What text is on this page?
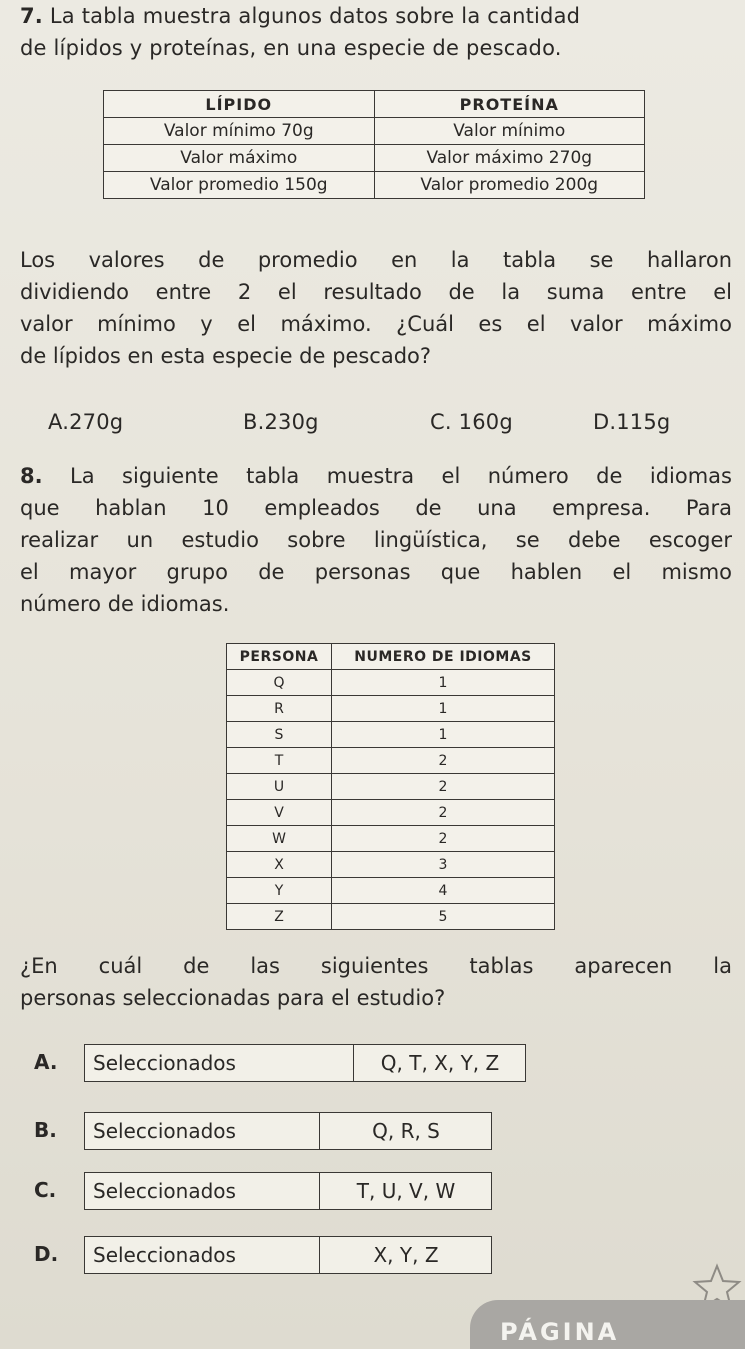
7. La tabla muestra algunos datos sobre la cantidad
de lípidos y proteínas, en una especie de pescado.
LÍPIDO	PROTEÍNA
Valor mínimo 70g	Valor mínimo
Valor máximo	Valor máximo 270g
Valor promedio 150g	Valor promedio 200g
Los valores de promedio en la tabla se hallaron
dividiendo entre 2 el resultado de la suma entre el
valor mínimo y el máximo. ¿Cuál es el valor máximo
de lípidos en esta especie de pescado?
A.270g	B.230g	C. 160g	D.115g
8. La siguiente tabla muestra el número de idiomas
que hablan 10 empleados de una empresa. Para
realizar un estudio sobre lingüística, se debe escoger
el mayor grupo de personas que hablen el mismo
número de idiomas.
PERSONA	NUMERO DE IDIOMAS
Q	1
R	1
S	1
T	2
U	2
V	2
W	2
X	3
Y	4
Z	5
¿En cuál de las siguientes tablas aparecen la
personas seleccionadas para el estudio?
A.	Seleccionados	Q, T, X, Y, Z
B.	Seleccionados	Q, R, S
C.	Seleccionados	T, U, V, W
D.	Seleccionados	X, Y, Z
PÁGINA
